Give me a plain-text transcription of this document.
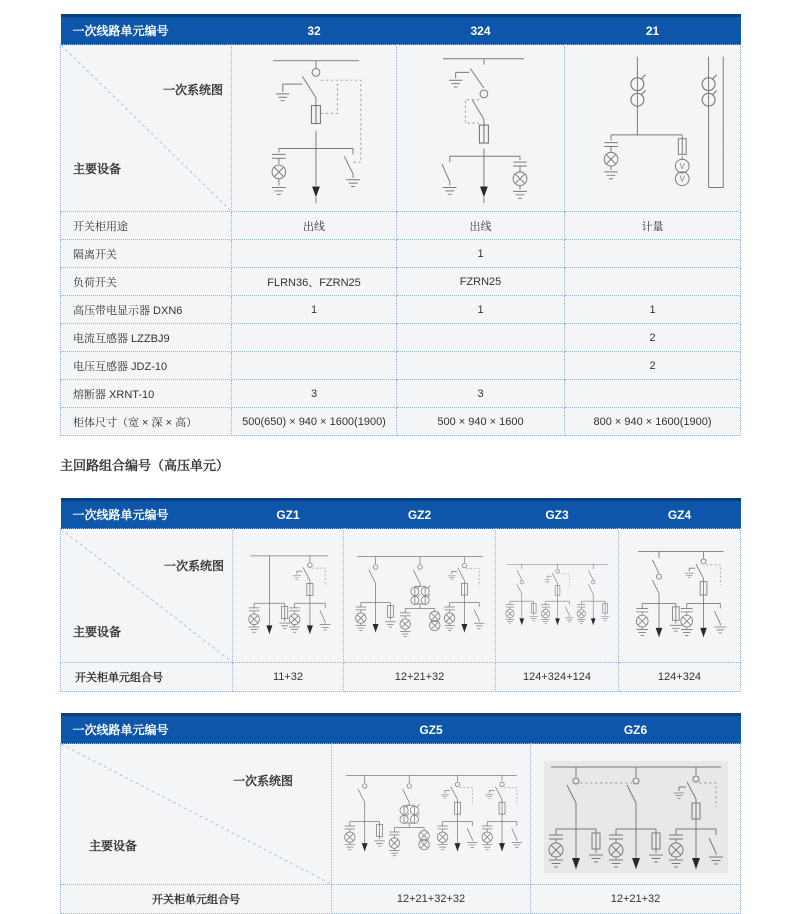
一次线路单元编号	32	324	21

一次系统图
主要设备			V
V

开关柜用途	出线	出线	计量
隔离开关		1	
负荷开关	FLRN36、FZRN25	FZRN25	
高压带电显示器 DXN6	1	1	1
电流互感器 LZZBJ9			2
电压互感器 JDZ-10			2
熔断器 XRNT-10	3	3	
柜体尺寸（宽 × 深 × 高）	500(650) × 940 × 1600(1900)	500 × 940 × 1600	800 × 940 × 1600(1900)
主回路组合编号（高压单元）
一次线路单元编号	GZ1	GZ2	GZ3	GZ4

一次系统图
主要设备

开关柜单元组合号	11+32	12+21+32	124+324+124	124+324
一次线路单元编号	GZ5	GZ6

一次系统图
主要设备

开关柜单元组合号	12+21+32+32	12+21+32
